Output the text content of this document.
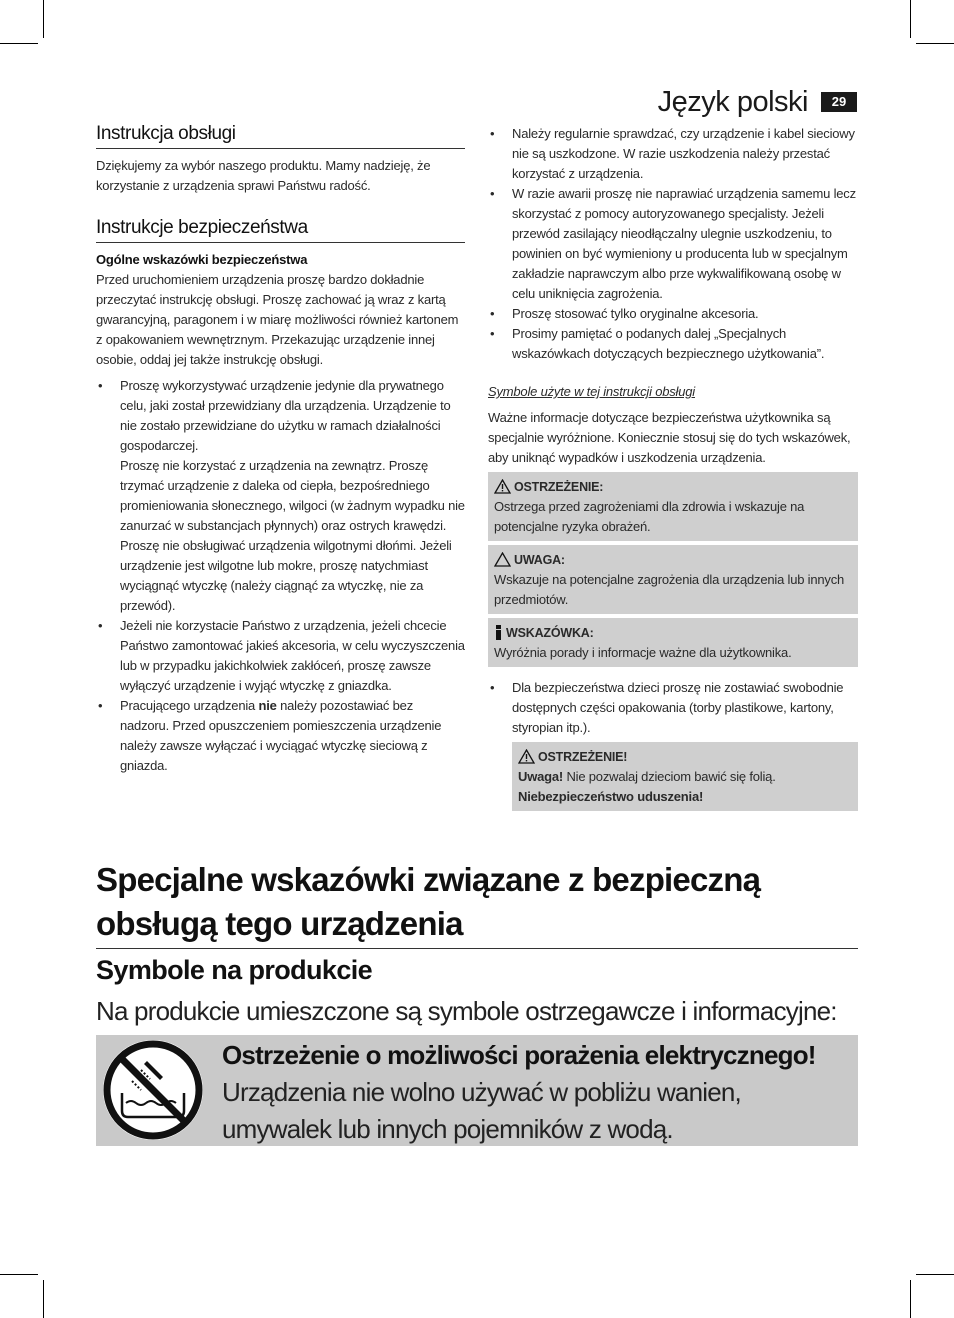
Język polski	29
Instrukcja obsługi

Dziękujemy za wybór naszego produktu. Mamy nadzieję, że korzystanie z urządzenia sprawi Państwu radość.

Instrukcje bezpieczeństwa
Ogólne wskazówki bezpieczeństwa

Przed uruchomieniem urządzenia proszę bardzo dokładnie przeczytać instrukcję obsługi. Proszę zachować ją wraz z kartą gwarancyjną, paragonem i w miarę możliwości również kartonem z opakowaniem wewnętrznym. Przekazując urządzenie innej osobie, oddaj jej także instrukcję obsługi.

• Proszę wykorzystywać urządzenie jedynie dla prywatnego celu, jaki został przewidziany dla urządzenia. Urządzenie to nie zostało przewidziane do użytku w ramach działalności gospodarczej.
Proszę nie korzystać z urządzenia na zewnątrz. Proszę trzymać urządzenie z daleka od ciepła, bezpośredniego promieniowania słonecznego, wilgoci (w żadnym wypadku nie zanurzać w substancjach płynnych) oraz ostrych krawędzi. Proszę nie obsługiwać urządzenia wilgotnymi dłońmi. Jeżeli urządzenie jest wilgotne lub mokre, proszę natychmiast wyciągnąć wtyczkę (należy ciągnąć za wtyczkę, nie za przewód).
• Jeżeli nie korzystacie Państwo z urządzenia, jeżeli chcecie Państwo zamontować jakieś akcesoria, w celu wyczyszczenia lub w przypadku jakichkolwiek zakłóceń, proszę zawsze wyłączyć urządzenie i wyjąć wtyczkę z gniazdka.
• Pracującego urządzenia nie należy pozostawiać bez nadzoru. Przed opuszczeniem pomieszczenia urządzenie należy zawsze wyłączać i wyciągać wtyczkę sieciową z gniazda.
• Należy regularnie sprawdzać, czy urządzenie i kabel sieciowy nie są uszkodzone. W razie uszkodzenia należy przestać korzystać z urządzenia.
• W razie awarii proszę nie naprawiać urządzenia samemu lecz skorzystać z pomocy autoryzowanego specjalisty. Jeżeli przewód zasilający nieodłączalny ulegnie uszkodzeniu, to powinien on być wymieniony u producenta lub w specjalnym zakładzie naprawczym albo prze wykwalifikowaną osobę w celu uniknięcia zagrożenia.
• Proszę stosować tylko oryginalne akcesoria.
• Prosimy pamiętać o podanych dalej „Specjalnych wskazówkach dotyczących bezpiecznego użytkowania”.
Symbole użyte w tej instrukcji obsługi

Ważne informacje dotyczące bezpieczeństwa użytkownika są specjalnie wyróżnione. Koniecznie stosuj się do tych wskazówek, aby uniknąć wypadków i uszkodzenia urządzenia.

OSTRZEŻENIE:
Ostrzega przed zagrożeniami dla zdrowia i wskazuje na potencjalne ryzyka obrażeń.
UWAGA:
Wskazuje na potencjalne zagrożenia dla urządzenia lub innych przedmiotów.
WSKAZÓWKA:
Wyróżnia porady i informacje ważne dla użytkownika.
• Dla bezpieczeństwa dzieci proszę nie zostawiać swobodnie dostępnych części opakowania (torby plastikowe, kartony, styropian itp.).
OSTRZEŻENIE!
Uwaga! Nie pozwalaj dzieciom bawić się folią. Niebezpieczeństwo uduszenia!
Specjalne wskazówki związane z bezpieczną obsługą tego urządzenia
Symbole na produkcie
Na produkcie umieszczone są symbole ostrzegawcze i informacyjne:
Ostrzeżenie o możliwości porażenia elektrycznego!
Urządzenia nie wolno używać w pobliżu wanien, umywalek lub innych pojemników z wodą.
